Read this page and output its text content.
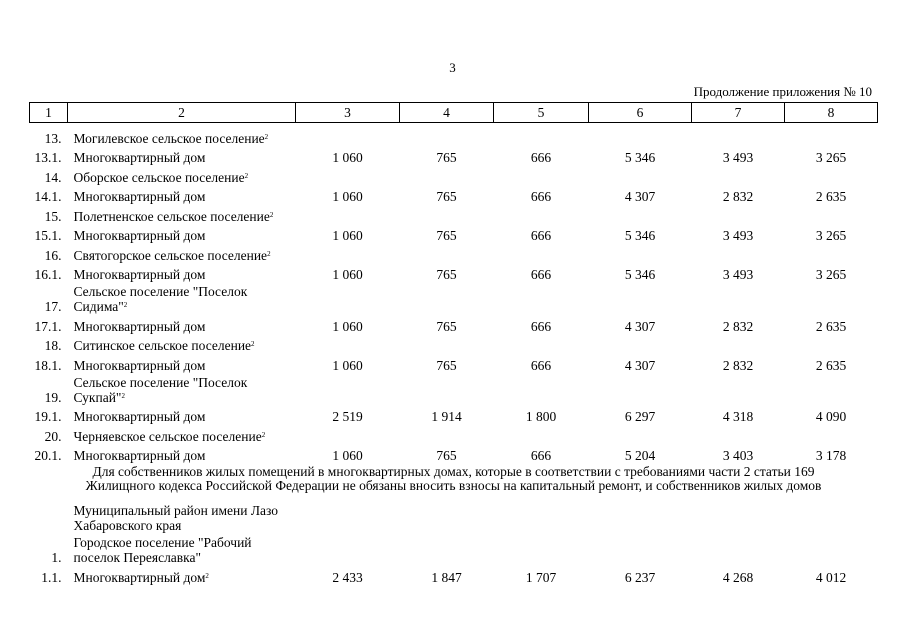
3
Продолжение приложения № 10
1	2	3	4	5	6	7	8
13.	Могилевское сельское поселение$^2$						
13.1.	Многоквартирный дом	1 060	765	666	5 346	3 493	3 265
14.	Оборское сельское поселение$^2$						
14.1.	Многоквартирный дом	1 060	765	666	4 307	2 832	2 635
15.	Полетненское сельское поселение$^2$						
15.1.	Многоквартирный дом	1 060	765	666	5 346	3 493	3 265
16.	Святогорское сельское поселение$^2$						
16.1.	Многоквартирный дом	1 060	765	666	5 346	3 493	3 265
17.	Сельское поселение "Поселок
Сидима"$^2$

17.1.	Многоквартирный дом	1 060	765	666	4 307	2 832	2 635
18.	Ситинское сельское поселение$^2$						
18.1.	Многоквартирный дом	1 060	765	666	4 307	2 832	2 635
19.	Сельское поселение "Поселок
Сукпай"$^2$

19.1.	Многоквартирный дом	2 519	1 914	1 800	6 297	4 318	4 090
20.	Черняевское сельское поселение$^2$						
20.1.	Многоквартирный дом	1 060	765	666	5 204	3 403	3 178

Для собственников жилых помещений в многоквартирных домах, которые в соответствии с требованиями части 2 статьи 169
Жилищного кодекса Российской Федерации не обязаны вносить взносы на капитальный ремонт, и собственников жилых домов							

	Муниципальный район имени Лазо
Хабаровского края						

1.	Городское поселение "Рабочий
поселок Переяславка"						

1.1.	Многоквартирный дом$^2$	2 433	1 847	1 707	6 237	4 268	4 012
